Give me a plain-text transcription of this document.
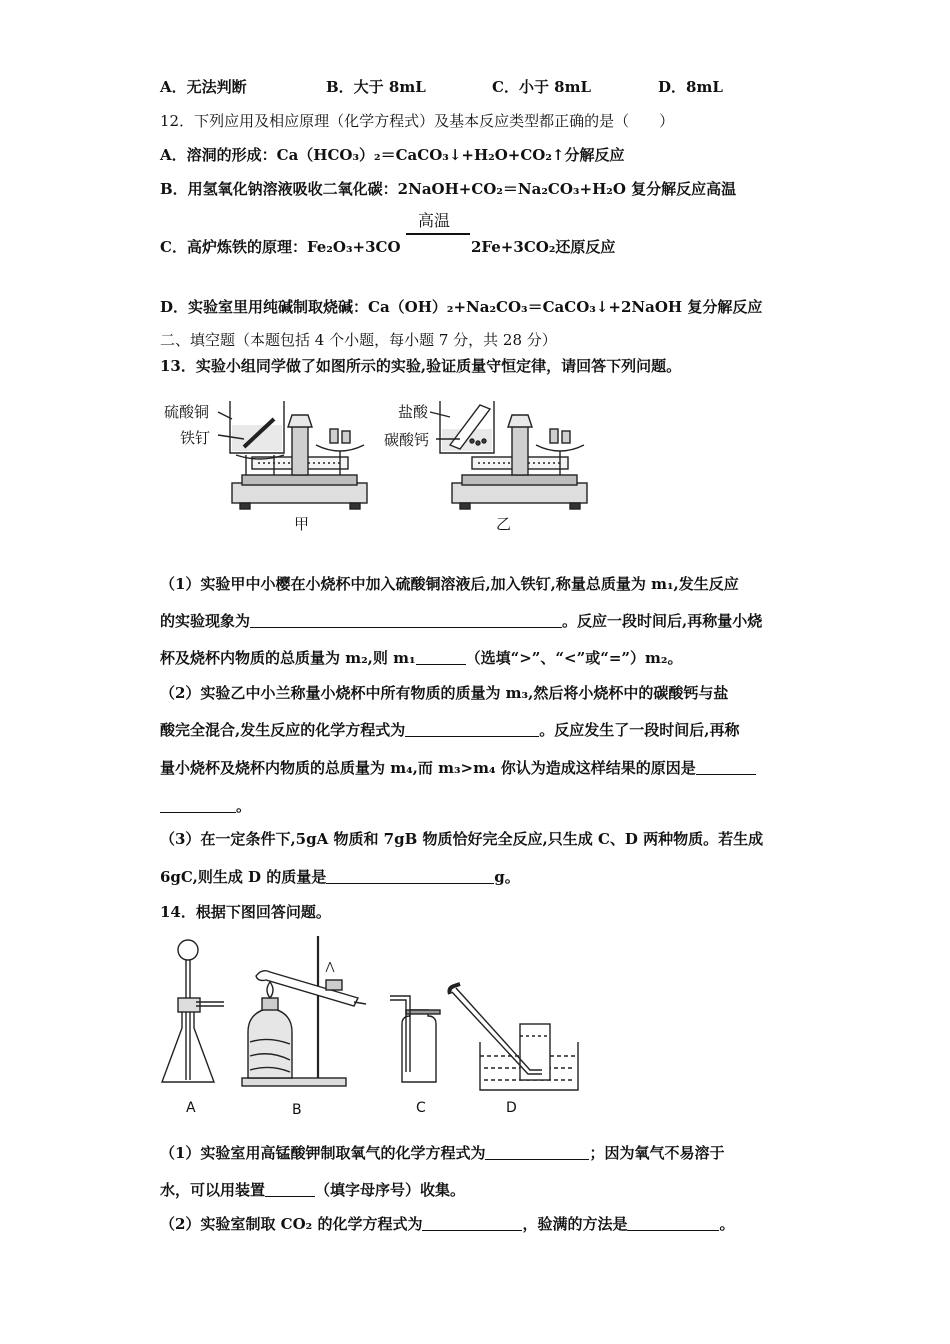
A．无法判断	B．大于 8mL	C．小于 8mL	D．8mL
12．下列应用及相应原理（化学方程式）及基本反应类型都正确的是（　　）
A．溶洞的形成：Ca（HCO₃）₂＝CaCO₃↓+H₂O+CO₂↑分解反应
B．用氢氧化钠溶液吸收二氧化碳：2NaOH+CO₂＝Na₂CO₃+H₂O 复分解反应高温
高温
C．高炉炼铁的原理：Fe₂O₃+3CO	2Fe+3CO₂还原反应
D．实验室里用纯碱制取烧碱：Ca（OH）₂+Na₂CO₃＝CaCO₃↓+2NaOH 复分解反应
二、填空题（本题包括 4 个小题，每小题 7 分，共 28 分）
13．实验小组同学做了如图所示的实验,验证质量守恒定律，请回答下列问题。
硫酸铜
铁钉
盐酸
碳酸钙
甲	乙
（1）实验甲中小樱在小烧杯中加入硫酸铜溶液后,加入铁钉,称量总质量为 m₁,发生反应
的实验现象为	。反应一段时间后,再称量小烧
杯及烧杯内物质的总质量为 m₂,则 m₁	（选填“>”、“<”或“=”）m₂。
（2）实验乙中小兰称量小烧杯中所有物质的质量为 m₃,然后将小烧杯中的碳酸钙与盐
酸完全混合,发生反应的化学方程式为	。反应发生了一段时间后,再称
量小烧杯及烧杯内物质的总质量为 m₄,而 m₃>m₄ 你认为造成这样结果的原因是
。
（3）在一定条件下,5gA 物质和 7gB 物质恰好完全反应,只生成 C、D 两种物质。若生成
6gC,则生成 D 的质量是	g。
14．根据下图回答问题。
A	B	C	D
（1）实验室用高锰酸钾制取氧气的化学方程式为	；因为氧气不易溶于
水，可以用装置	（填字母序号）收集。
（2）实验室制取 CO₂ 的化学方程式为	，验满的方法是	。
